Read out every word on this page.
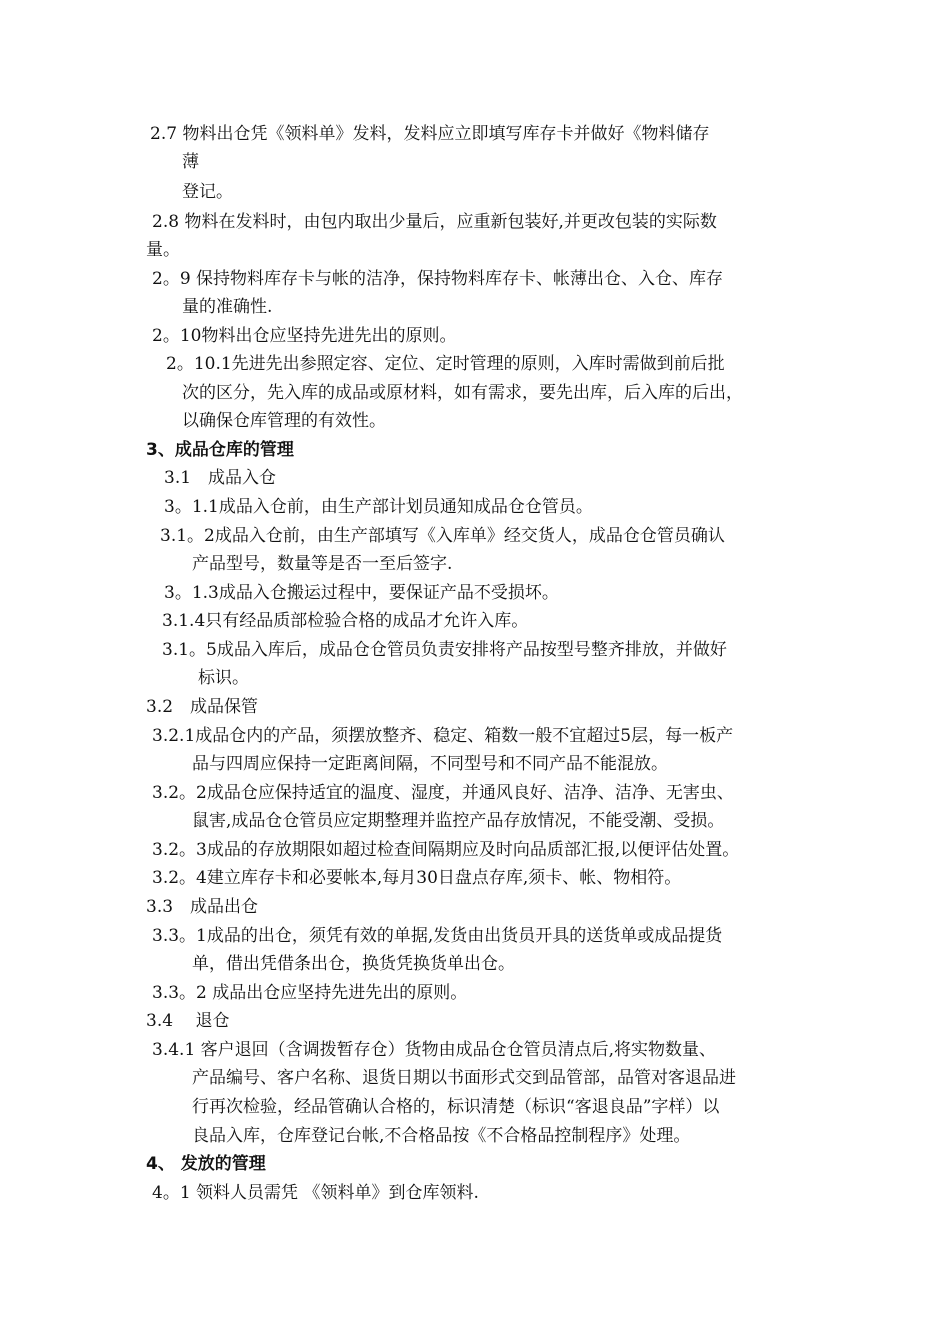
2.7 物料出仓凭《领料单》发料，发料应立即填写库存卡并做好《物料储存
薄
登记。
2.8 物料在发料时，由包内取出少量后，应重新包装好,并更改包装的实际数
量。
2。9 保持物料库存卡与帐的洁净，保持物料库存卡、帐薄出仓、入仓、库存
量的准确性.
2。10物料出仓应坚持先进先出的原则。
2。10.1先进先出参照定容、定位、定时管理的原则，入库时需做到前后批
次的区分，先入库的成品或原材料，如有需求，要先出库，后入库的后出，
以确保仓库管理的有效性。
3、成品仓库的管理
3.1　成品入仓
3。1.1成品入仓前，由生产部计划员通知成品仓仓管员。
3.1。2成品入仓前，由生产部填写《入库单》经交货人，成品仓仓管员确认
产品型号，数量等是否一至后签字.
3。1.3成品入仓搬运过程中，要保证产品不受损坏。
3.1.4只有经品质部检验合格的成品才允许入库。
3.1。5成品入库后，成品仓仓管员负责安排将产品按型号整齐排放，并做好
标识。
3.2　成品保管
3.2.1成品仓内的产品，须摆放整齐、稳定、箱数一般不宜超过5层，每一板产
品与四周应保持一定距离间隔，不同型号和不同产品不能混放。
3.2。2成品仓应保持适宜的温度、湿度，并通风良好、洁净、洁净、无害虫、
鼠害,成品仓仓管员应定期整理并监控产品存放情况，不能受潮、受损。
3.2。3成品的存放期限如超过检查间隔期应及时向品质部汇报,以便评估处置。
3.2。4建立库存卡和必要帐本,每月30日盘点存库,须卡、帐、物相符。
3.3　成品出仓
3.3。1成品的出仓，须凭有效的单据,发货由出货员开具的送货单或成品提货
单，借出凭借条出仓，换货凭换货单出仓。
3.3。2 成品出仓应坚持先进先出的原则。
3.4　 退仓
3.4.1 客户退回（含调拨暂存仓）货物由成品仓仓管员清点后,将实物数量、
产品编号、客户名称、退货日期以书面形式交到品管部，品管对客退品进
行再次检验，经品管确认合格的，标识清楚（标识“客退良品”字样）以
良品入库，仓库登记台帐,不合格品按《不合格品控制程序》处理。
4、 发放的管理
4。1 领料人员需凭 《领料单》到仓库领料.
